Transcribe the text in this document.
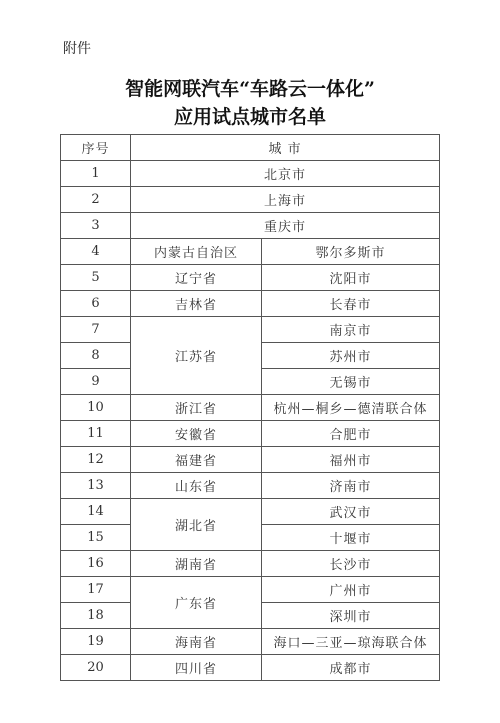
附件
智能网联汽车“车路云一体化”
应用试点城市名单
序号	城 市	
1	北京市	
2	上海市	
3	重庆市	
4	内蒙古自治区	鄂尔多斯市
5	辽宁省	沈阳市
6	吉林省	长春市
7	江苏省	南京市
8		苏州市
9		无锡市
10	浙江省	杭州—桐乡—德清联合体
11	安徽省	合肥市
12	福建省	福州市
13	山东省	济南市
14	湖北省	武汉市
15		十堰市
16	湖南省	长沙市
17	广东省	广州市
18		深圳市
19	海南省	海口—三亚—琼海联合体
20	四川省	成都市
